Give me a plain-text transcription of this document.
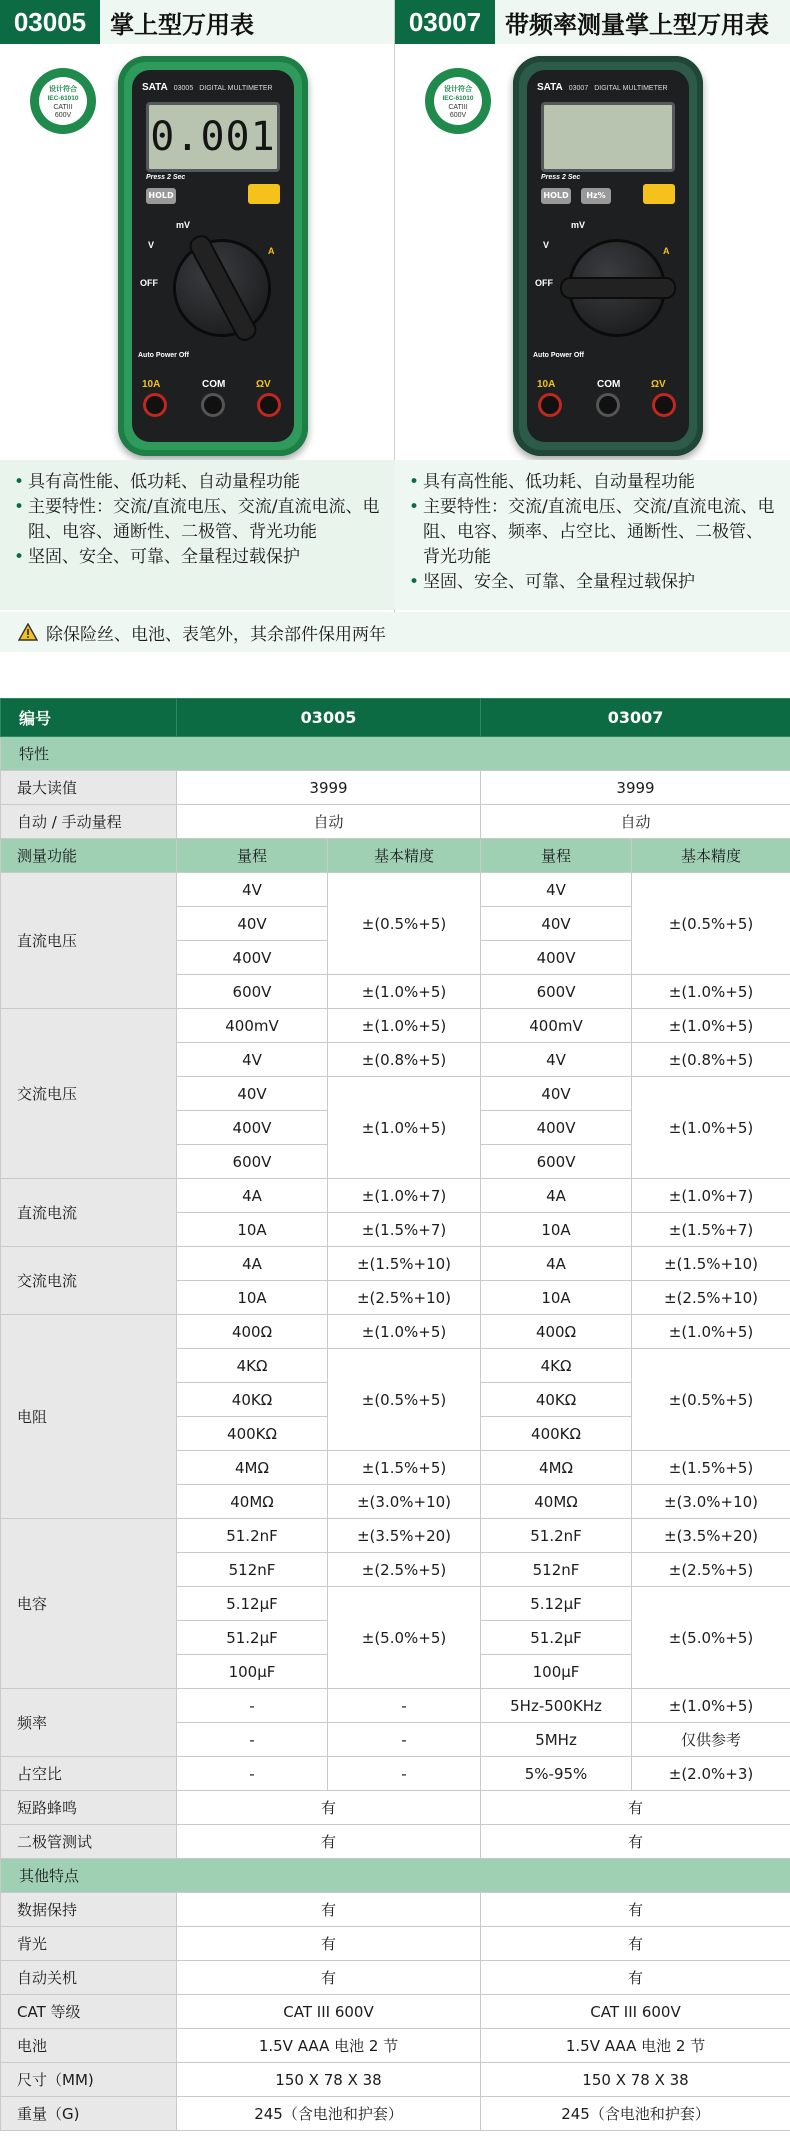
03005 掌上型万用表
设计符合
IEC-61010
CATIII
600V
SATA 03005 DIGITAL MULTIMETER
0.001
Press 2 Sec
HOLD
mV
V
A
OFF
Auto Power Off
10A	COM	ΩV
• 具有高性能、低功耗、自动量程功能
• 主要特性：交流/直流电压、交流/直流电流、电阻、电容、通断性、二极管、背光功能
• 坚固、安全、可靠、全量程过载保护
03007 带频率测量掌上型万用表
设计符合
IEC-61010
CATIII
600V
SATA 03007 DIGITAL MULTIMETER
Press 2 Sec
HOLD	Hz%
mV
V
A
OFF
Auto Power Off
10A	COM	ΩV
• 具有高性能、低功耗、自动量程功能
• 主要特性：交流/直流电压、交流/直流电流、电阻、电容、频率、占空比、通断性、二极管、背光功能
• 坚固、安全、可靠、全量程过载保护
除保险丝、电池、表笔外，其余部件保用两年
编号	03005		03007	
特性				
最大读值	3999		3999	
自动 / 手动量程	自动		自动	
测量功能	量程	基本精度	量程	基本精度
直流电压	4V	±(0.5%+5)	4V	±(0.5%+5)
	40V		40V	
	400V		400V	
	600V	±(1.0%+5)	600V	±(1.0%+5)
交流电压	400mV	±(1.0%+5)	400mV	±(1.0%+5)
	4V	±(0.8%+5)	4V	±(0.8%+5)
	40V	±(1.0%+5)	40V	±(1.0%+5)
	400V		400V	
	600V		600V	
直流电流	4A	±(1.0%+7)	4A	±(1.0%+7)
	10A	±(1.5%+7)	10A	±(1.5%+7)
交流电流	4A	±(1.5%+10)	4A	±(1.5%+10)
	10A	±(2.5%+10)	10A	±(2.5%+10)
电阻	400Ω	±(1.0%+5)	400Ω	±(1.0%+5)
	4KΩ	±(0.5%+5)	4KΩ	±(0.5%+5)
	40KΩ		40KΩ	
	400KΩ		400KΩ	
	4MΩ	±(1.5%+5)	4MΩ	±(1.5%+5)
	40MΩ	±(3.0%+10)	40MΩ	±(3.0%+10)
电容	51.2nF	±(3.5%+20)	51.2nF	±(3.5%+20)
	512nF	±(2.5%+5)	512nF	±(2.5%+5)
	5.12μF	±(5.0%+5)	5.12μF	±(5.0%+5)
	51.2μF		51.2μF	
	100μF		100μF	
频率	-	-	5Hz-500KHz	±(1.0%+5)
	-	-	5MHz	仅供参考
占空比	-	-	5%-95%	±(2.0%+3)
短路蜂鸣	有		有	
二极管测试	有		有	
其他特点				
数据保持	有		有	
背光	有		有	
自动关机	有		有	
CAT 等级	CAT III 600V		CAT III 600V	
电池	1.5V AAA 电池 2 节		1.5V AAA 电池 2 节	
尺寸（MM)	150 X 78 X 38		150 X 78 X 38	
重量（G)	245（含电池和护套）		245（含电池和护套）	
